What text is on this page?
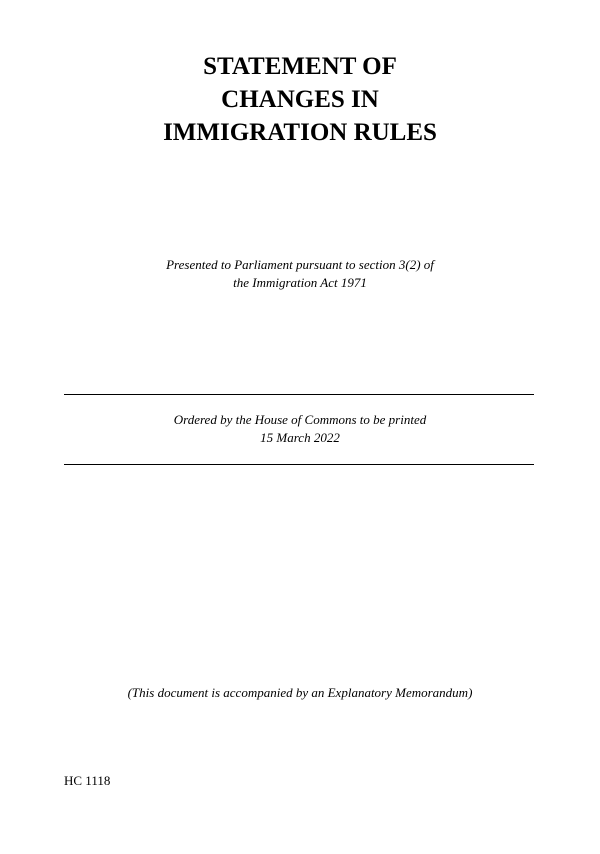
STATEMENT OF
CHANGES IN
IMMIGRATION RULES
Presented to Parliament pursuant to section 3(2) of
the Immigration Act 1971
Ordered by the House of Commons to be printed
15 March 2022
(This document is accompanied by an Explanatory Memorandum)
HC 1118
